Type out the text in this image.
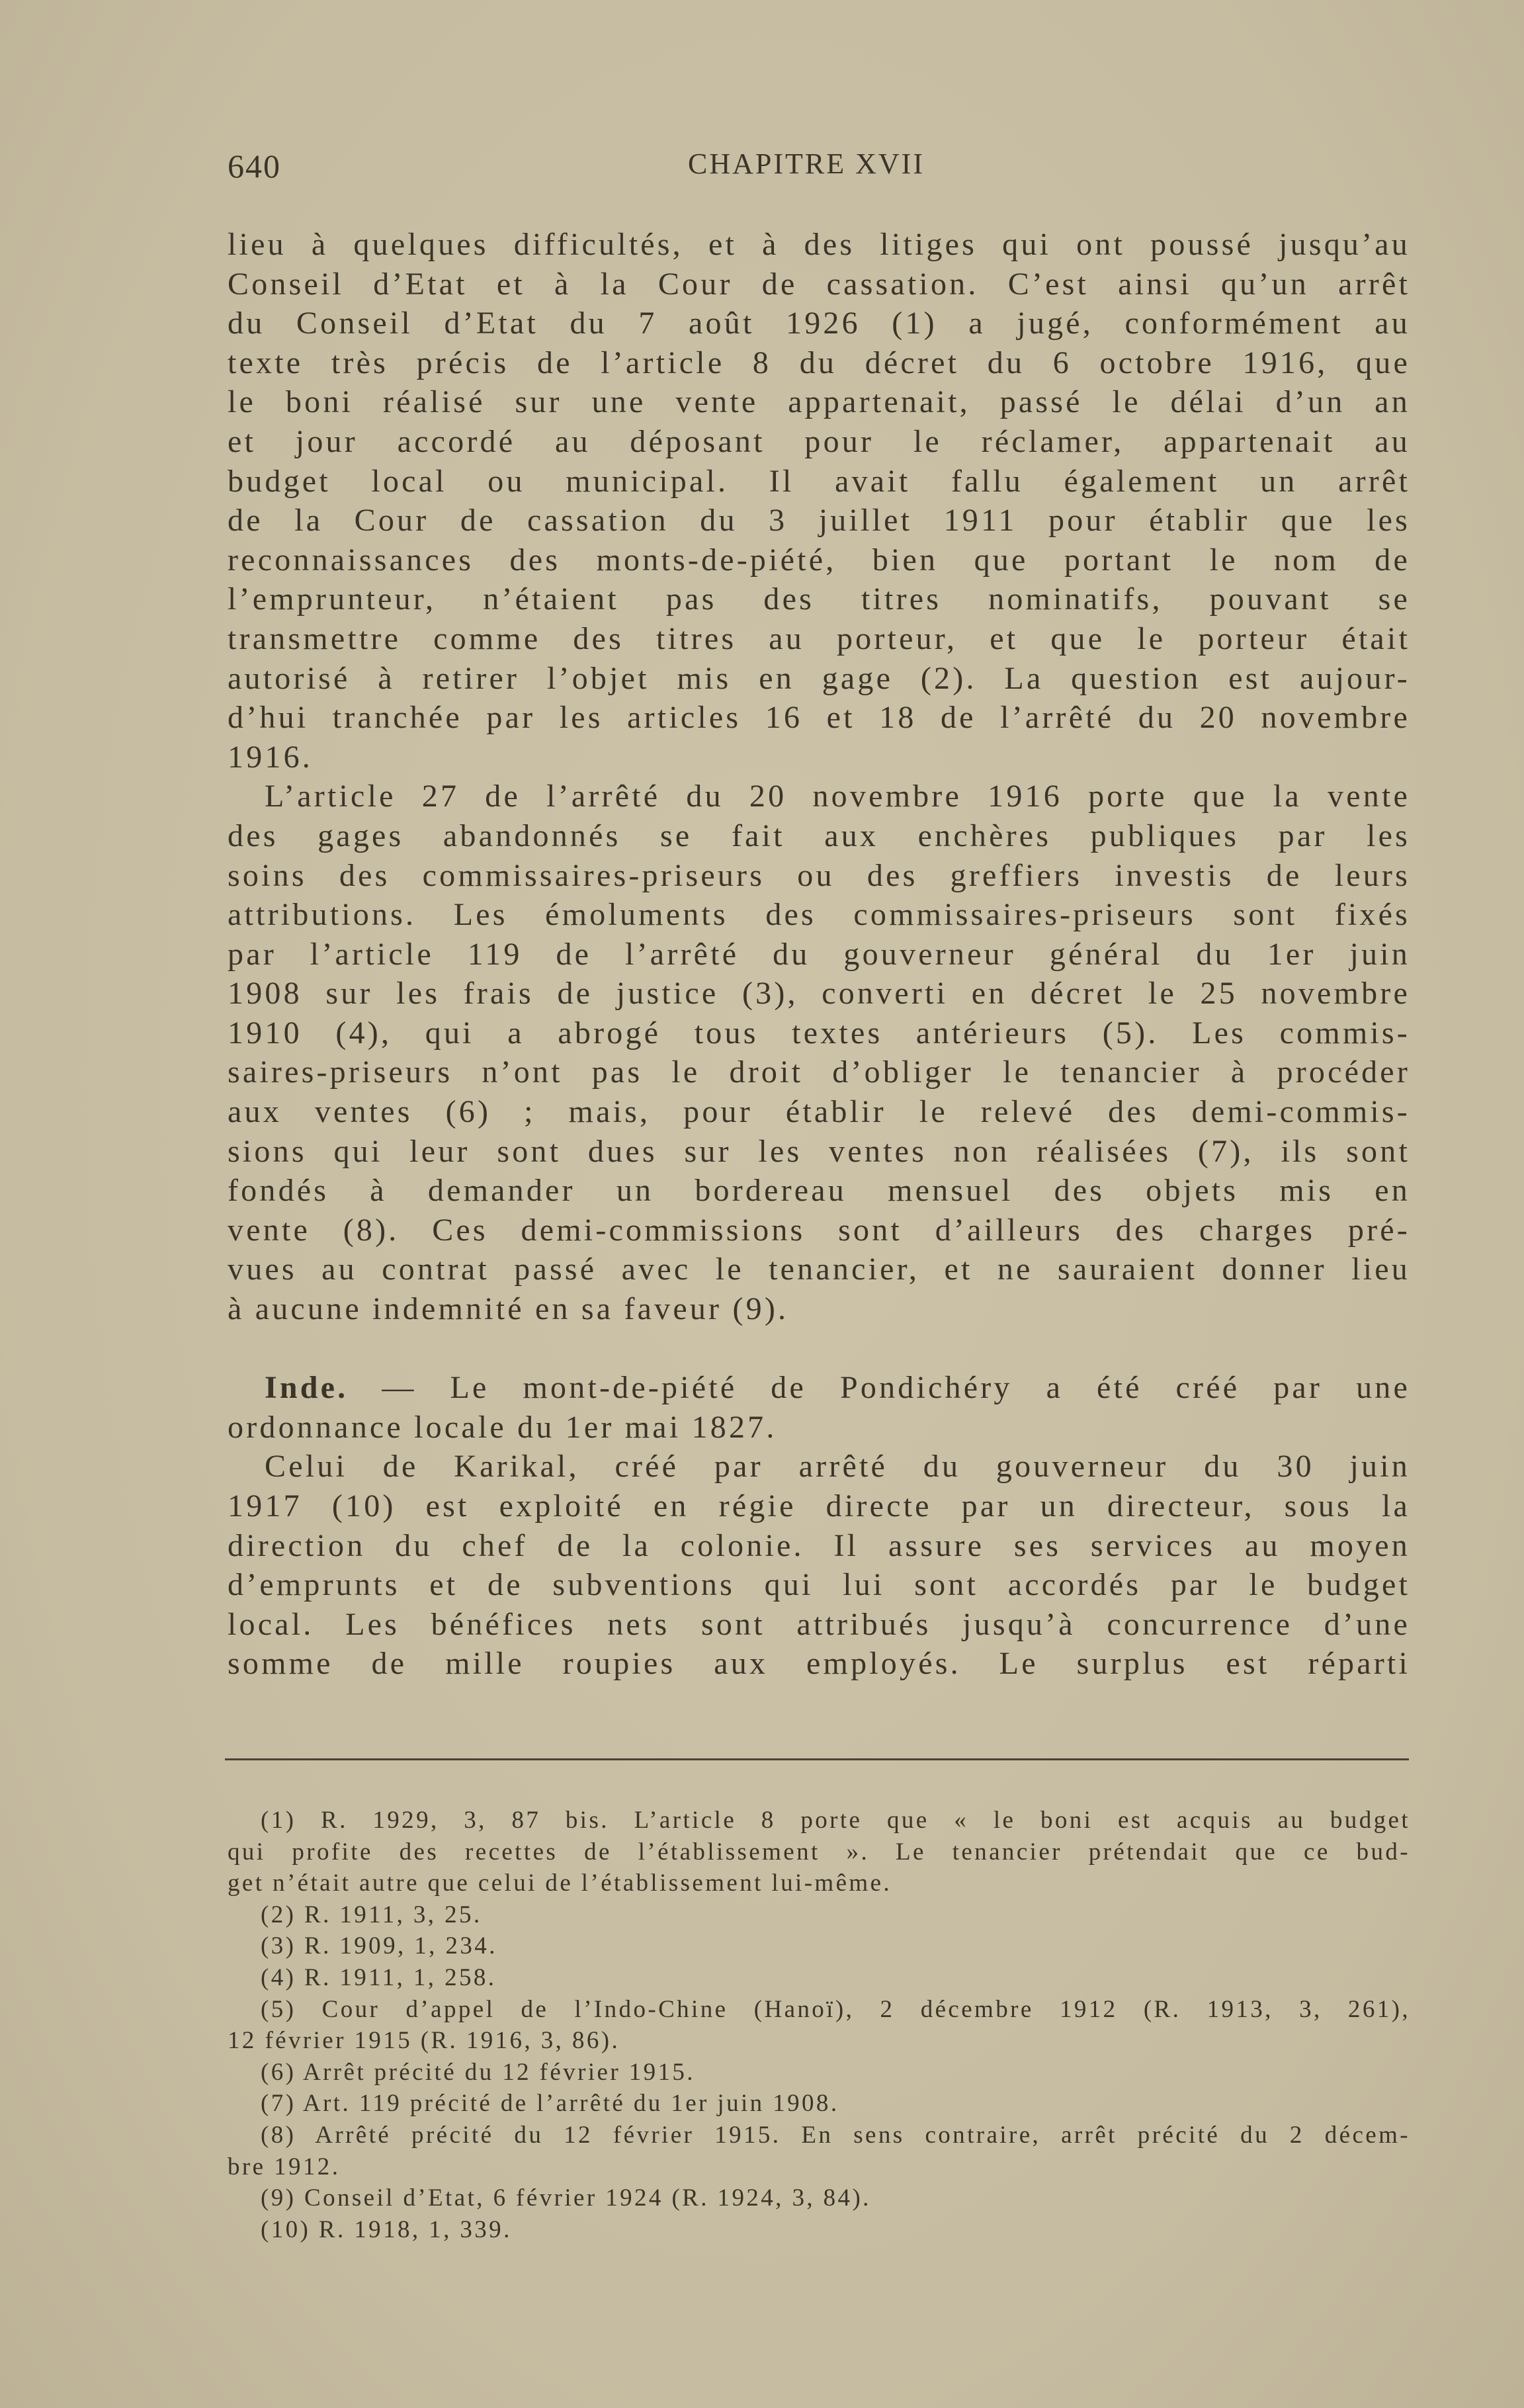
640	CHAPITRE XVII
lieu à quelques difficultés, et à des litiges qui ont poussé jusqu’au
Conseil d’Etat et à la Cour de cassation. C’est ainsi qu’un arrêt
du Conseil d’Etat du 7 août 1926 (1) a jugé, conformément au
texte très précis de l’article 8 du décret du 6 octobre 1916, que
le boni réalisé sur une vente appartenait, passé le délai d’un an
et jour accordé au déposant pour le réclamer, appartenait au
budget local ou municipal. Il avait fallu également un arrêt
de la Cour de cassation du 3 juillet 1911 pour établir que les
reconnaissances des monts-de-piété, bien que portant le nom de
l’emprunteur, n’étaient pas des titres nominatifs, pouvant se
transmettre comme des titres au porteur, et que le porteur était
autorisé à retirer l’objet mis en gage (2). La question est aujour-
d’hui tranchée par les articles 16 et 18 de l’arrêté du 20 novembre
1916.
L’article 27 de l’arrêté du 20 novembre 1916 porte que la vente
des gages abandonnés se fait aux enchères publiques par les
soins des commissaires-priseurs ou des greffiers investis de leurs
attributions. Les émoluments des commissaires-priseurs sont fixés
par l’article 119 de l’arrêté du gouverneur général du 1er juin
1908 sur les frais de justice (3), converti en décret le 25 novembre
1910 (4), qui a abrogé tous textes antérieurs (5). Les commis-
saires-priseurs n’ont pas le droit d’obliger le tenancier à procéder
aux ventes (6) ; mais, pour établir le relevé des demi-commis-
sions qui leur sont dues sur les ventes non réalisées (7), ils sont
fondés à demander un bordereau mensuel des objets mis en
vente (8). Ces demi-commissions sont d’ailleurs des charges pré-
vues au contrat passé avec le tenancier, et ne sauraient donner lieu
à aucune indemnité en sa faveur (9).
Inde. — Le mont-de-piété de Pondichéry a été créé par une
ordonnance locale du 1er mai 1827.
Celui de Karikal, créé par arrêté du gouverneur du 30 juin
1917 (10) est exploité en régie directe par un directeur, sous la
direction du chef de la colonie. Il assure ses services au moyen
d’emprunts et de subventions qui lui sont accordés par le budget
local. Les bénéfices nets sont attribués jusqu’à concurrence d’une
somme de mille roupies aux employés. Le surplus est réparti
(1) R. 1929, 3, 87 bis. L’article 8 porte que « le boni est acquis au budget
qui profite des recettes de l’établissement ». Le tenancier prétendait que ce bud-
get n’était autre que celui de l’établissement lui-même.
(2) R. 1911, 3, 25.
(3) R. 1909, 1, 234.
(4) R. 1911, 1, 258.
(5) Cour d’appel de l’Indo-Chine (Hanoï), 2 décembre 1912 (R. 1913, 3, 261),
12 février 1915 (R. 1916, 3, 86).
(6) Arrêt précité du 12 février 1915.
(7) Art. 119 précité de l’arrêté du 1er juin 1908.
(8) Arrêté précité du 12 février 1915. En sens contraire, arrêt précité du 2 décem-
bre 1912.
(9) Conseil d’Etat, 6 février 1924 (R. 1924, 3, 84).
(10) R. 1918, 1, 339.
